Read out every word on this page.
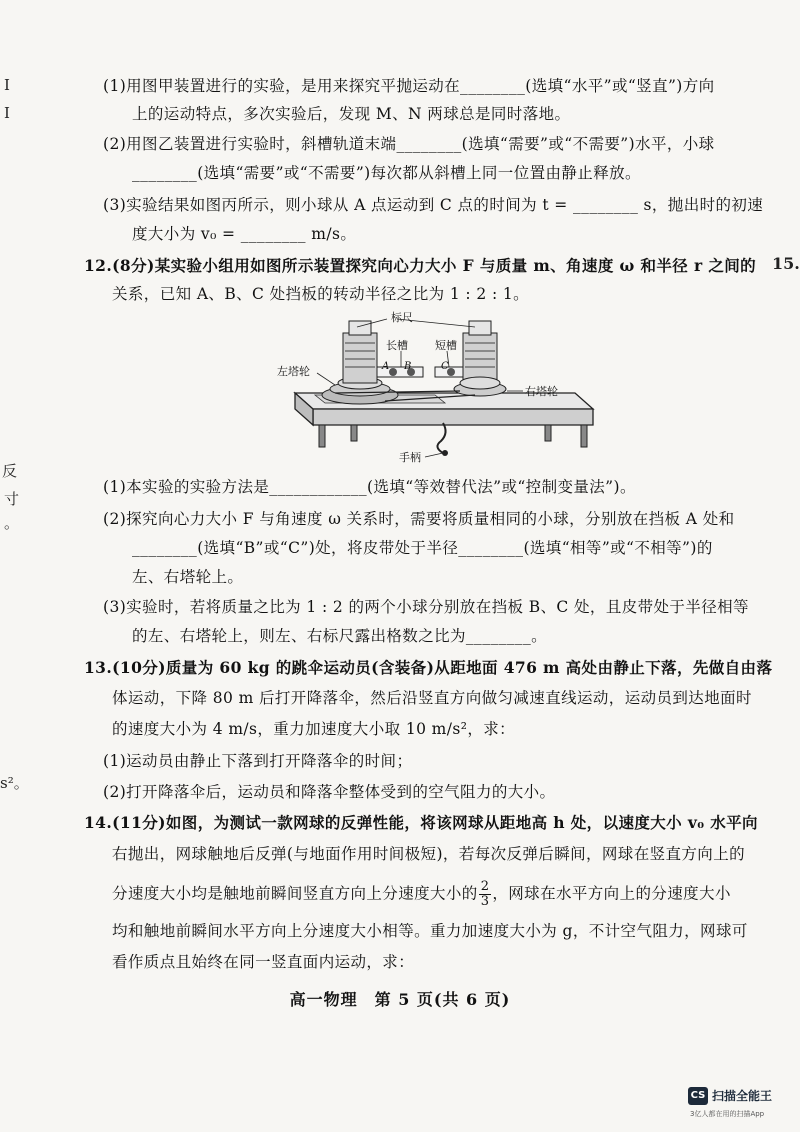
I
I
15.
反
寸
。
s²。
(1)用图甲装置进行的实验，是用来探究平抛运动在________(选填“水平”或“竖直”)方向
上的运动特点，多次实验后，发现 M、N 两球总是同时落地。
(2)用图乙装置进行实验时，斜槽轨道末端________(选填“需要”或“不需要”)水平，小球
________(选填“需要”或“不需要”)每次都从斜槽上同一位置由静止释放。
(3)实验结果如图丙所示，则小球从 A 点运动到 C 点的时间为 t = ________ s，抛出时的初速
度大小为 v₀ = ________ m/s。
12.(8分)某实验小组用如图所示装置探究向心力大小 F 与质量 m、角速度 ω 和半径 r 之间的
关系，已知 A、B、C 处挡板的转动半径之比为 1 : 2 : 1。
标尺
长槽 短槽
左塔轮
右塔轮
手柄
A B	C
(1)本实验的实验方法是____________(选填“等效替代法”或“控制变量法”)。
(2)探究向心力大小 F 与角速度 ω 关系时，需要将质量相同的小球，分别放在挡板 A 处和
________(选填“B”或“C”)处，将皮带处于半径________(选填“相等”或“不相等”)的
左、右塔轮上。
(3)实验时，若将质量之比为 1 : 2 的两个小球分别放在挡板 B、C 处，且皮带处于半径相等
的左、右塔轮上，则左、右标尺露出格数之比为________。
13.(10分)质量为 60 kg 的跳伞运动员(含装备)从距地面 476 m 高处由静止下落，先做自由落
体运动，下降 80 m 后打开降落伞，然后沿竖直方向做匀减速直线运动，运动员到达地面时
的速度大小为 4 m/s，重力加速度大小取 10 m/s²，求：
(1)运动员由静止下落到打开降落伞的时间；
(2)打开降落伞后，运动员和降落伞整体受到的空气阻力的大小。
14.(11分)如图，为测试一款网球的反弹性能，将该网球从距地高 h 处，以速度大小 v₀ 水平向
右抛出，网球触地后反弹(与地面作用时间极短)，若每次反弹后瞬间，网球在竖直方向上的
分速度大小均是触地前瞬间竖直方向上分速度大小的 $\frac{2}{3}$ ，网球在水平方向上的分速度大小
均和触地前瞬间水平方向上分速度大小相等。重力加速度大小为 g，不计空气阻力，网球可
看作质点且始终在同一竖直面内运动，求：
高一物理　第 5 页(共 6 页)
CS 扫描全能王
3亿人都在用的扫描App
